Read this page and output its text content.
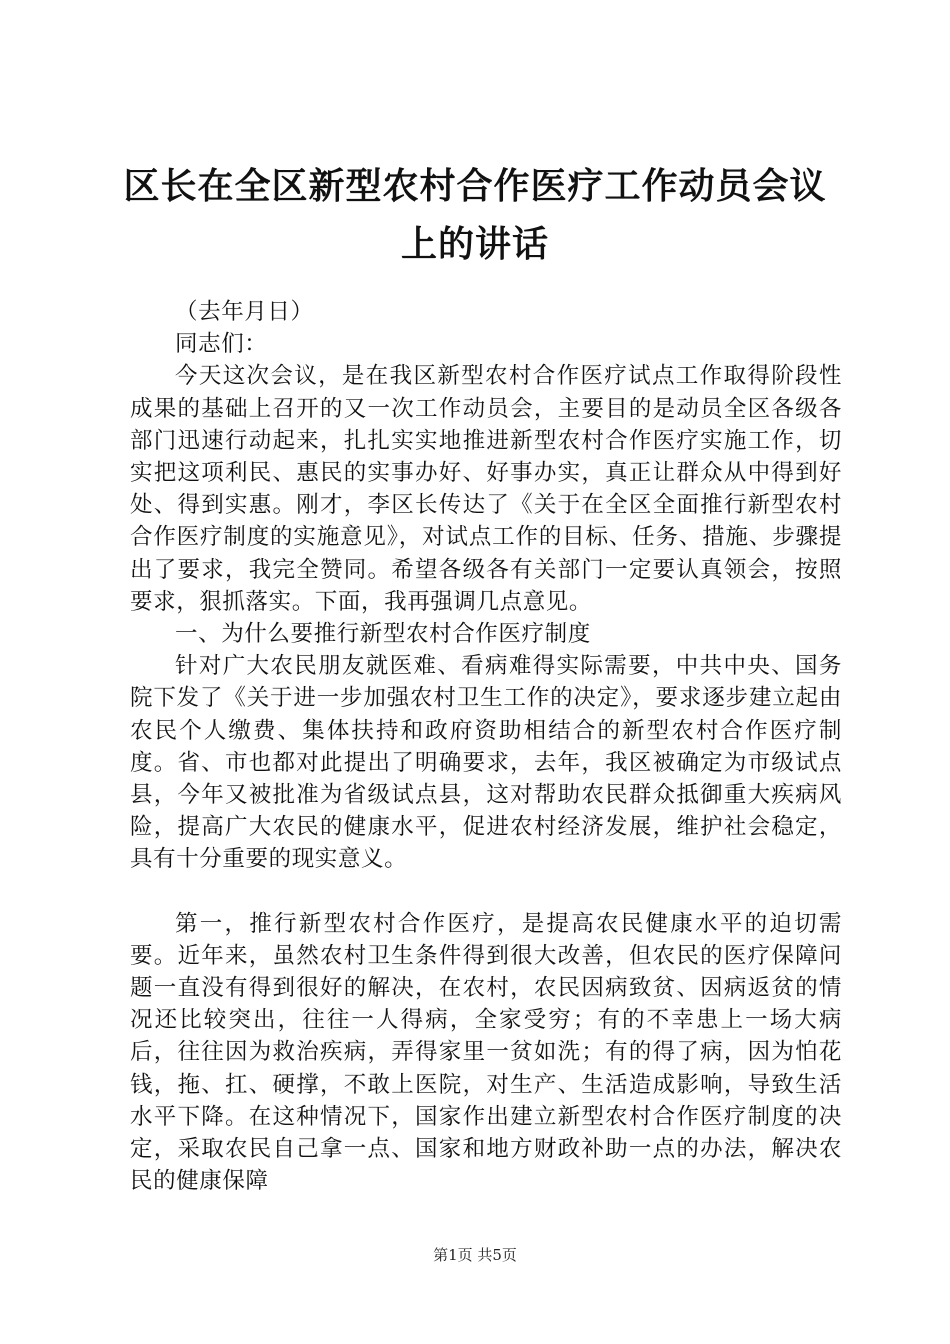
区长在全区新型农村合作医疗工作动员会议上的讲话

（去年月日）

同志们：

今天这次会议，是在我区新型农村合作医疗试点工作取得阶段性成果的基础上召开的又一次工作动员会，主要目的是动员全区各级各部门迅速行动起来，扎扎实实地推进新型农村合作医疗实施工作，切实把这项利民、惠民的实事办好、好事办实，真正让群众从中得到好处、得到实惠。刚才，李区长传达了《关于在全区全面推行新型农村合作医疗制度的实施意见》，对试点工作的目标、任务、措施、步骤提出了要求，我完全赞同。希望各级各有关部门一定要认真领会，按照要求，狠抓落实。下面，我再强调几点意见。

一、为什么要推行新型农村合作医疗制度

针对广大农民朋友就医难、看病难得实际需要，中共中央、国务院下发了《关于进一步加强农村卫生工作的决定》，要求逐步建立起由农民个人缴费、集体扶持和政府资助相结合的新型农村合作医疗制度。省、市也都对此提出了明确要求，去年，我区被确定为市级试点县，今年又被批准为省级试点县，这对帮助农民群众抵御重大疾病风险，提高广大农民的健康水平，促进农村经济发展，维护社会稳定，具有十分重要的现实意义。

第一，推行新型农村合作医疗，是提高农民健康水平的迫切需要。近年来，虽然农村卫生条件得到很大改善，但农民的医疗保障问题一直没有得到很好的解决，在农村，农民因病致贫、因病返贫的情况还比较突出，往往一人得病，全家受穷；有的不幸患上一场大病后，往往因为救治疾病，弄得家里一贫如洗；有的得了病，因为怕花钱，拖、扛、硬撑，不敢上医院，对生产、生活造成影响，导致生活水平下降。在这种情况下，国家作出建立新型农村合作医疗制度的决定，采取农民自己拿一点、国家和地方财政补助一点的办法，解决农民的健康保障

第1页 共5页
